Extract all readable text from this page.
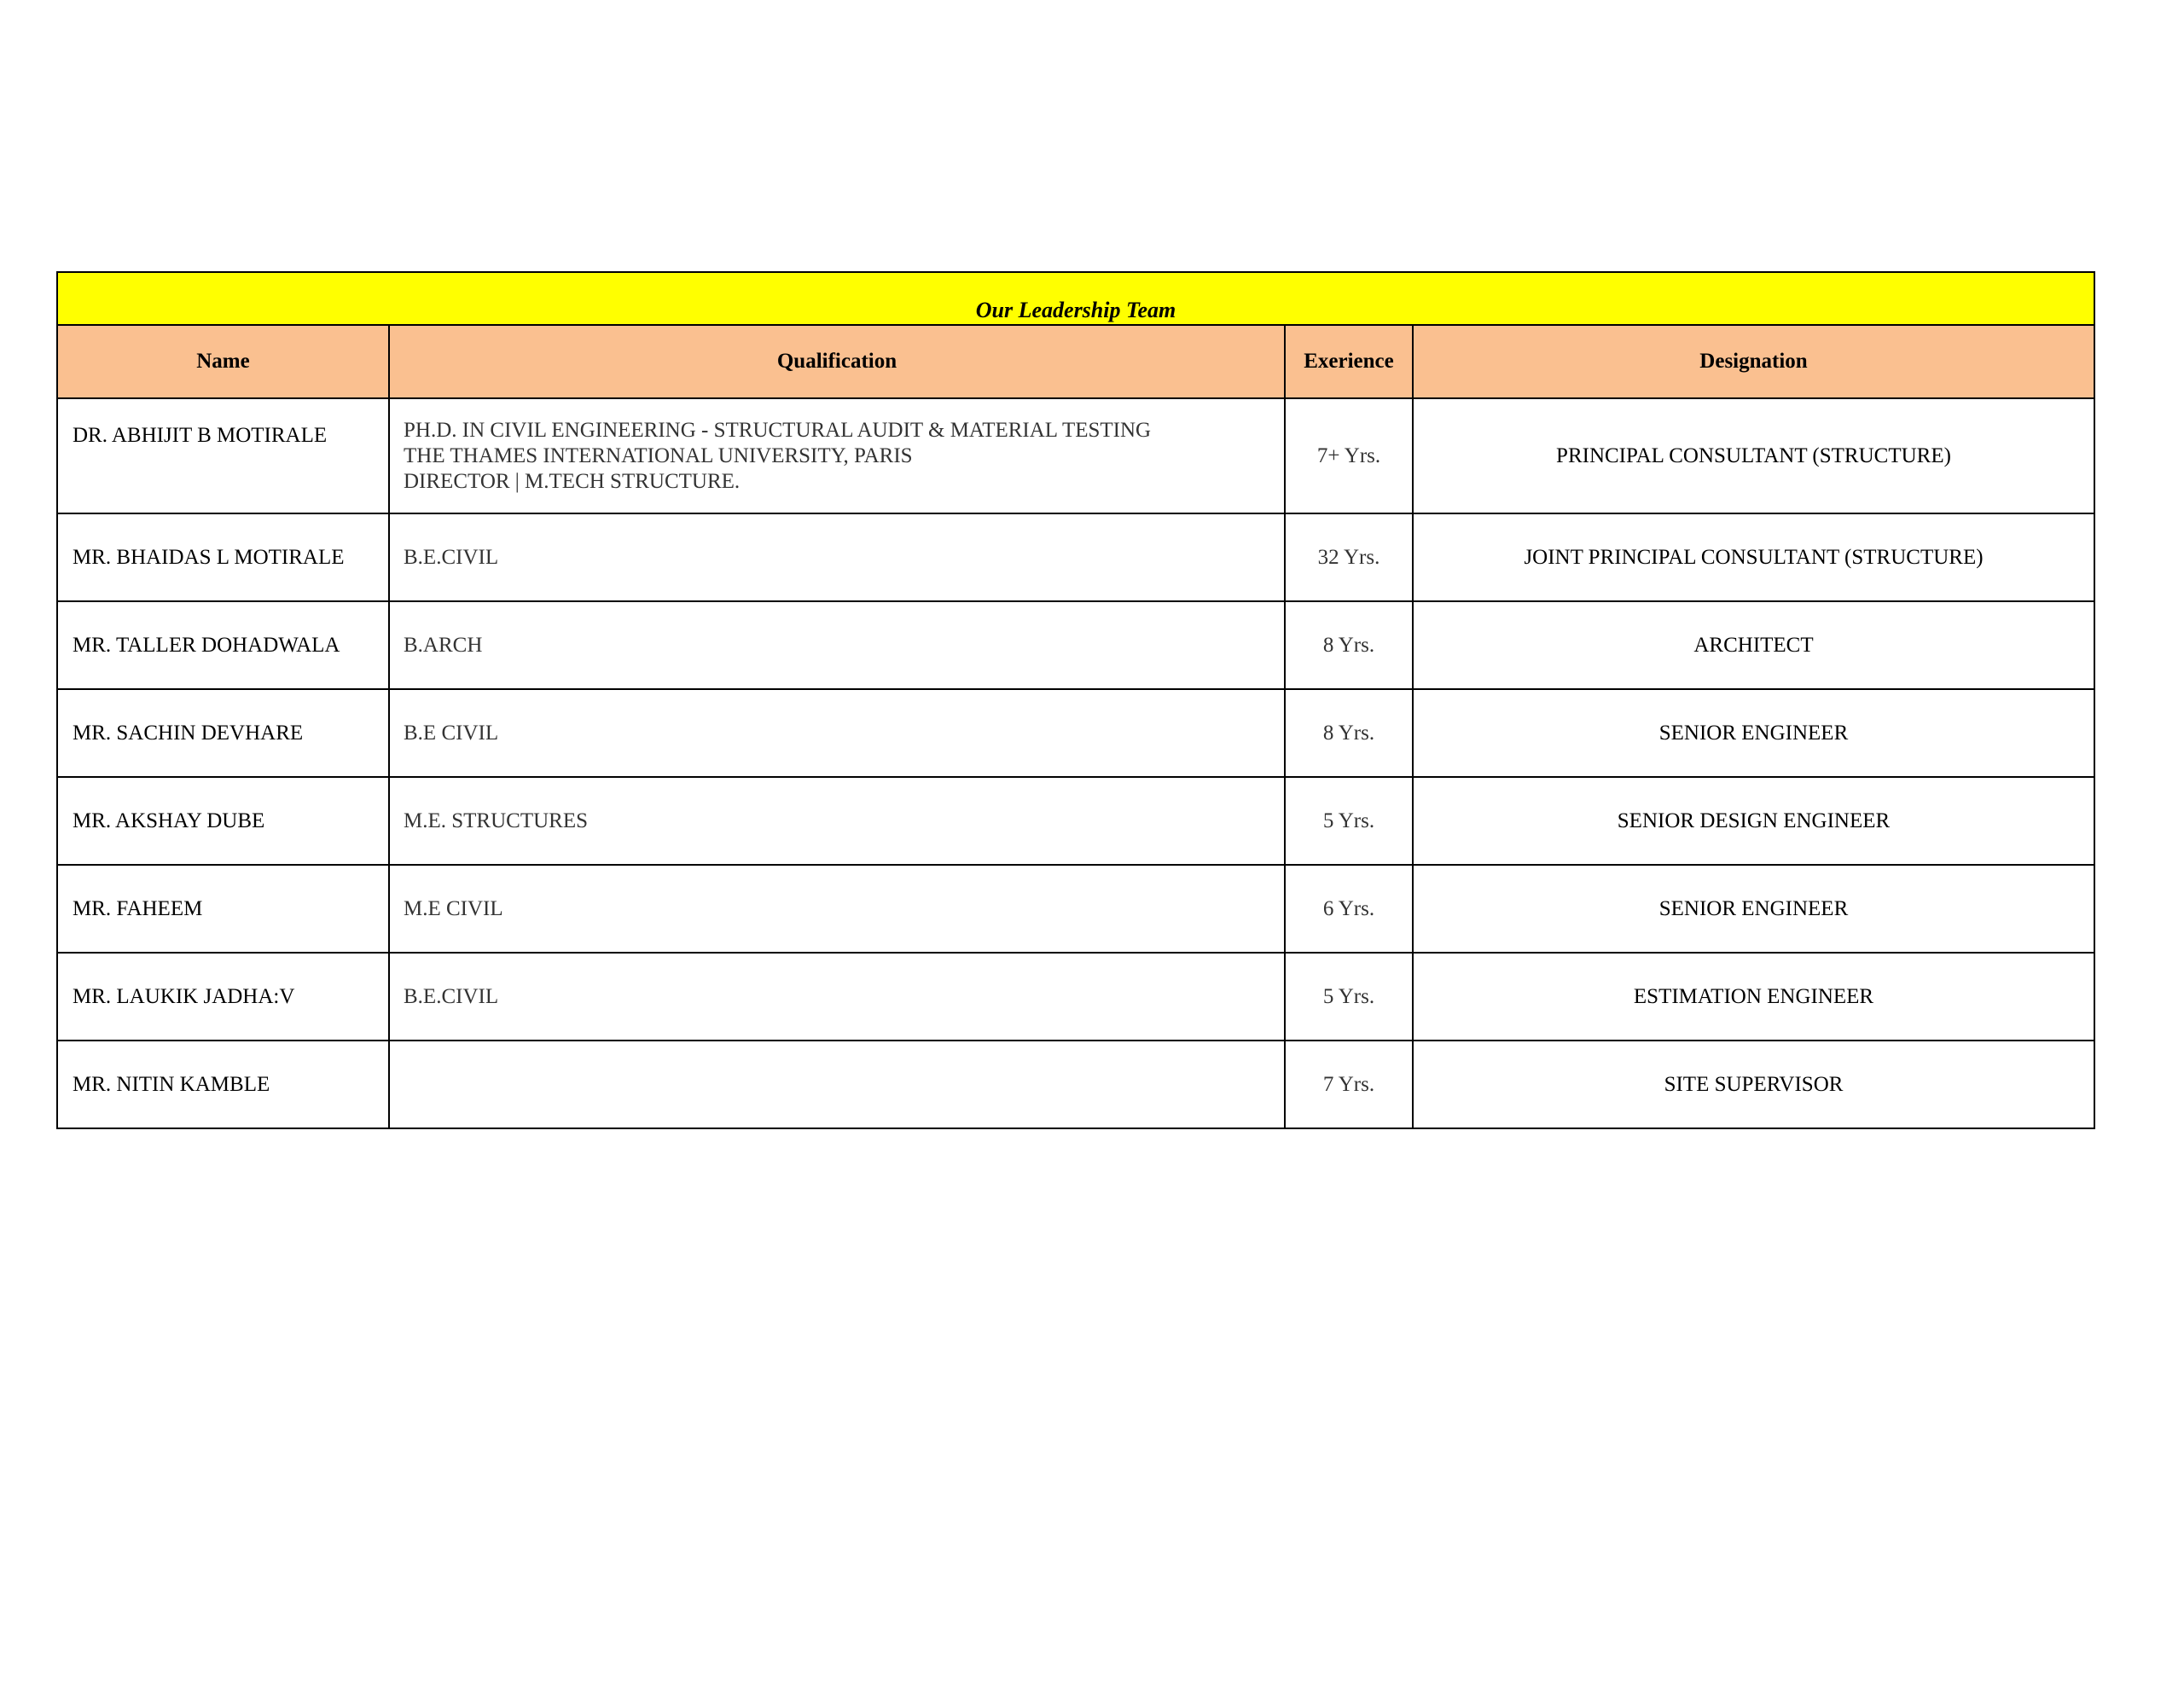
Our Leadership Team			
Name	Qualification	Exerience	Designation
DR. ABHIJIT B MOTIRALE	PH.D. IN CIVIL ENGINEERING - STRUCTURAL AUDIT & MATERIAL TESTING
THE THAMES INTERNATIONAL UNIVERSITY, PARIS
DIRECTOR | M.TECH STRUCTURE.	7+ Yrs.	PRINCIPAL CONSULTANT (STRUCTURE)
MR. BHAIDAS L MOTIRALE	B.E.CIVIL	32 Yrs.	JOINT PRINCIPAL CONSULTANT (STRUCTURE)
MR. TALLER DOHADWALA	B.ARCH	8 Yrs.	ARCHITECT
MR. SACHIN DEVHARE	B.E CIVIL	8 Yrs.	SENIOR ENGINEER
MR. AKSHAY DUBE	M.E. STRUCTURES	5 Yrs.	SENIOR DESIGN ENGINEER
MR. FAHEEM	M.E CIVIL	6 Yrs.	SENIOR ENGINEER
MR. LAUKIK JADHA:V	B.E.CIVIL	5 Yrs.	ESTIMATION ENGINEER
MR. NITIN KAMBLE		7 Yrs.	SITE SUPERVISOR
